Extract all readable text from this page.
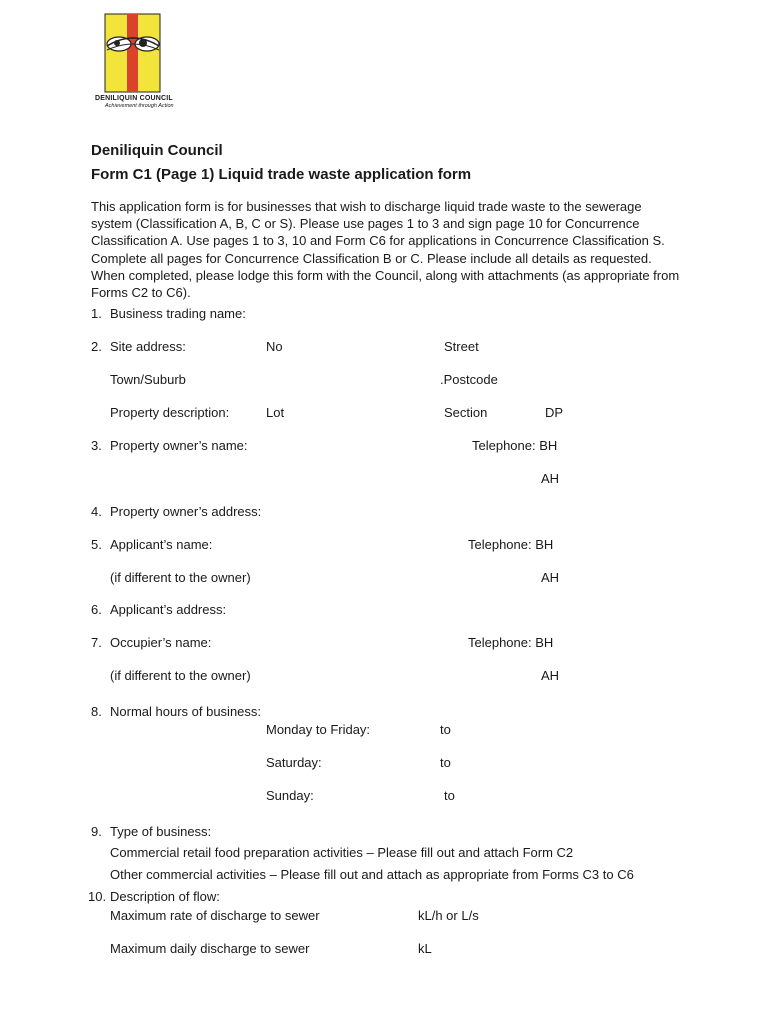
DENILIQUIN COUNCIL
Achievement through Action
Deniliquin Council
Form C1 (Page 1) Liquid trade waste application form
This application form is for businesses that wish to discharge liquid trade waste to the sewerage
system (Classification A, B, C or S). Please use pages 1 to 3 and sign page 10 for Concurrence
Classification A. Use pages 1 to 3, 10 and Form C6 for applications in Concurrence Classification S.
Complete all pages for Concurrence Classification B or C. Please include all details as requested.
When completed, please lodge this form with the Council, along with attachments (as appropriate from
Forms C2 to C6).
1. Business trading name:
2. Site address:	No	Street
Town/Suburb	.Postcode
Property description:	Lot	Section	DP
3. Property owner’s name:	Telephone: BH
AH
4. Property owner’s address:
5. Applicant’s name:	Telephone: BH
(if different to the owner)	AH
6. Applicant’s address:
7. Occupier’s name:	Telephone: BH
(if different to the owner)	AH
8. Normal hours of business:
Monday to Friday:	to
Saturday:	to
Sunday:	to
9. Type of business:
Commercial retail food preparation activities – Please fill out and attach Form C2
Other commercial activities – Please fill out and attach as appropriate from Forms C3 to C6
10. Description of flow:
Maximum rate of discharge to sewer	kL/h or L/s
Maximum daily discharge to sewer	kL
